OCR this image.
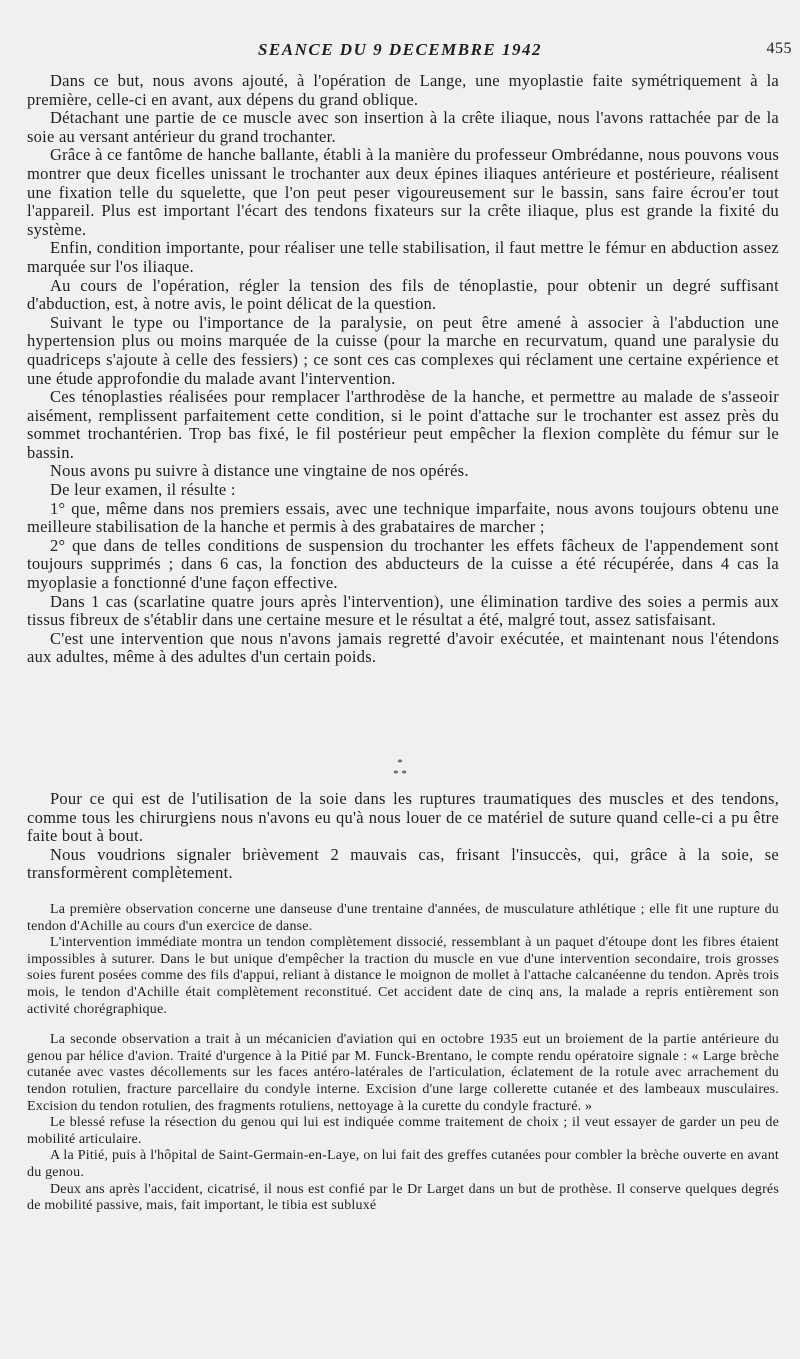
SEANCE DU 9 DECEMBRE 1942	455

Dans ce but, nous avons ajouté, à l'opération de Lange, une myoplastie faite symétriquement à la première, celle-ci en avant, aux dépens du grand oblique.

Détachant une partie de ce muscle avec son insertion à la crête iliaque, nous l'avons rattachée par de la soie au versant antérieur du grand trochanter.

Grâce à ce fantôme de hanche ballante, établi à la manière du professeur Ombrédanne, nous pouvons vous montrer que deux ficelles unissant le trochanter aux deux épines iliaques antérieure et postérieure, réalisent une fixation telle du squelette, que l'on peut peser vigoureusement sur le bassin, sans faire écrou'er tout l'appareil. Plus est important l'écart des tendons fixateurs sur la crête iliaque, plus est grande la fixité du système.

Enfin, condition importante, pour réaliser une telle stabilisation, il faut mettre le fémur en abduction assez marquée sur l'os iliaque.

Au cours de l'opération, régler la tension des fils de ténoplastie, pour obtenir un degré suffisant d'abduction, est, à notre avis, le point délicat de la question.

Suivant le type ou l'importance de la paralysie, on peut être amené à associer à l'abduction une hypertension plus ou moins marquée de la cuisse (pour la marche en recurvatum, quand une paralysie du quadriceps s'ajoute à celle des fessiers) ; ce sont ces cas complexes qui réclament une certaine expérience et une étude approfondie du malade avant l'intervention.

Ces ténoplasties réalisées pour remplacer l'arthrodèse de la hanche, et permettre au malade de s'asseoir aisément, remplissent parfaitement cette condition, si le point d'attache sur le trochanter est assez près du sommet trochantérien. Trop bas fixé, le fil postérieur peut empêcher la flexion complète du fémur sur le bassin.

Nous avons pu suivre à distance une vingtaine de nos opérés.

De leur examen, il résulte :

1° que, même dans nos premiers essais, avec une technique imparfaite, nous avons toujours obtenu une meilleure stabilisation de la hanche et permis à des grabataires de marcher ;

2° que dans de telles conditions de suspension du trochanter les effets fâcheux de l'appendement sont toujours supprimés ; dans 6 cas, la fonction des abducteurs de la cuisse a été récupérée, dans 4 cas la myoplasie a fonctionné d'une façon effective.

Dans 1 cas (scarlatine quatre jours après l'intervention), une élimination tardive des soies a permis aux tissus fibreux de s'établir dans une certaine mesure et le résultat a été, malgré tout, assez satisfaisant.

C'est une intervention que nous n'avons jamais regretté d'avoir exécutée, et maintenant nous l'étendons aux adultes, même à des adultes d'un certain poids.

*
* *

Pour ce qui est de l'utilisation de la soie dans les ruptures traumatiques des muscles et des tendons, comme tous les chirurgiens nous n'avons eu qu'à nous louer de ce matériel de suture quand celle-ci a pu être faite bout à bout.

Nous voudrions signaler brièvement 2 mauvais cas, frisant l'insuccès, qui, grâce à la soie, se transformèrent complètement.

La première observation concerne une danseuse d'une trentaine d'années, de musculature athlétique ; elle fit une rupture du tendon d'Achille au cours d'un exercice de danse.

L'intervention immédiate montra un tendon complètement dissocié, ressemblant à un paquet d'étoupe dont les fibres étaient impossibles à suturer. Dans le but unique d'empêcher la traction du muscle en vue d'une intervention secondaire, trois grosses soies furent posées comme des fils d'appui, reliant à distance le moignon de mollet à l'attache calcanéenne du tendon. Après trois mois, le tendon d'Achille était complètement reconstitué. Cet accident date de cinq ans, la malade a repris entièrement son activité chorégraphique.

La seconde observation a trait à un mécanicien d'aviation qui en octobre 1935 eut un broiement de la partie antérieure du genou par hélice d'avion. Traité d'urgence à la Pitié par M. Funck-Brentano, le compte rendu opératoire signale : « Large brèche cutanée avec vastes décollements sur les faces antéro-latérales de l'articulation, éclatement de la rotule avec arrachement du tendon rotulien, fracture parcellaire du condyle interne. Excision d'une large collerette cutanée et des lambeaux musculaires. Excision du tendon rotulien, des fragments rotuliens, nettoyage à la curette du condyle fracturé. »

Le blessé refuse la résection du genou qui lui est indiquée comme traitement de choix ; il veut essayer de garder un peu de mobilité articulaire.

A la Pitié, puis à l'hôpital de Saint-Germain-en-Laye, on lui fait des greffes cutanées pour combler la brèche ouverte en avant du genou.

Deux ans après l'accident, cicatrisé, il nous est confié par le Dr Larget dans un but de prothèse. Il conserve quelques degrés de mobilité passive, mais, fait important, le tibia est subluxé
